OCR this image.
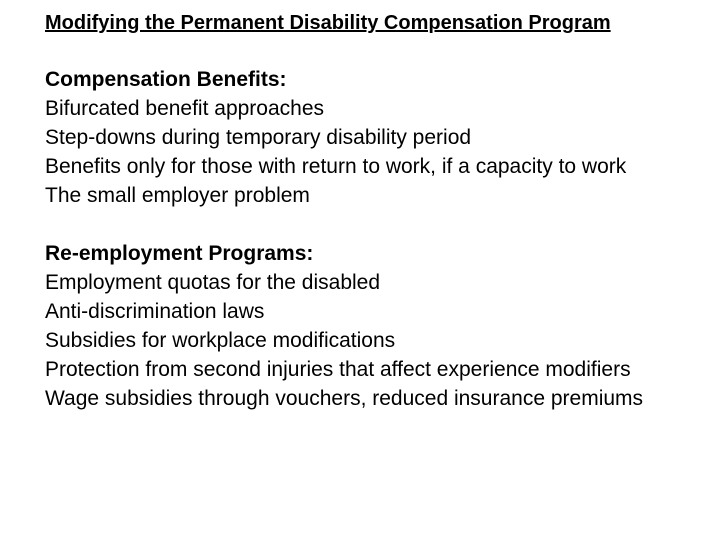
Modifying the Permanent Disability Compensation Program

Compensation Benefits:

Bifurcated benefit approaches
Step-downs during temporary disability period
Benefits only for those with return to work, if a capacity to work
The small employer problem

Re-employment Programs:

Employment quotas for the disabled
Anti-discrimination laws
Subsidies for workplace modifications
Protection from second injuries that affect experience modifiers
Wage subsidies through vouchers, reduced insurance premiums
